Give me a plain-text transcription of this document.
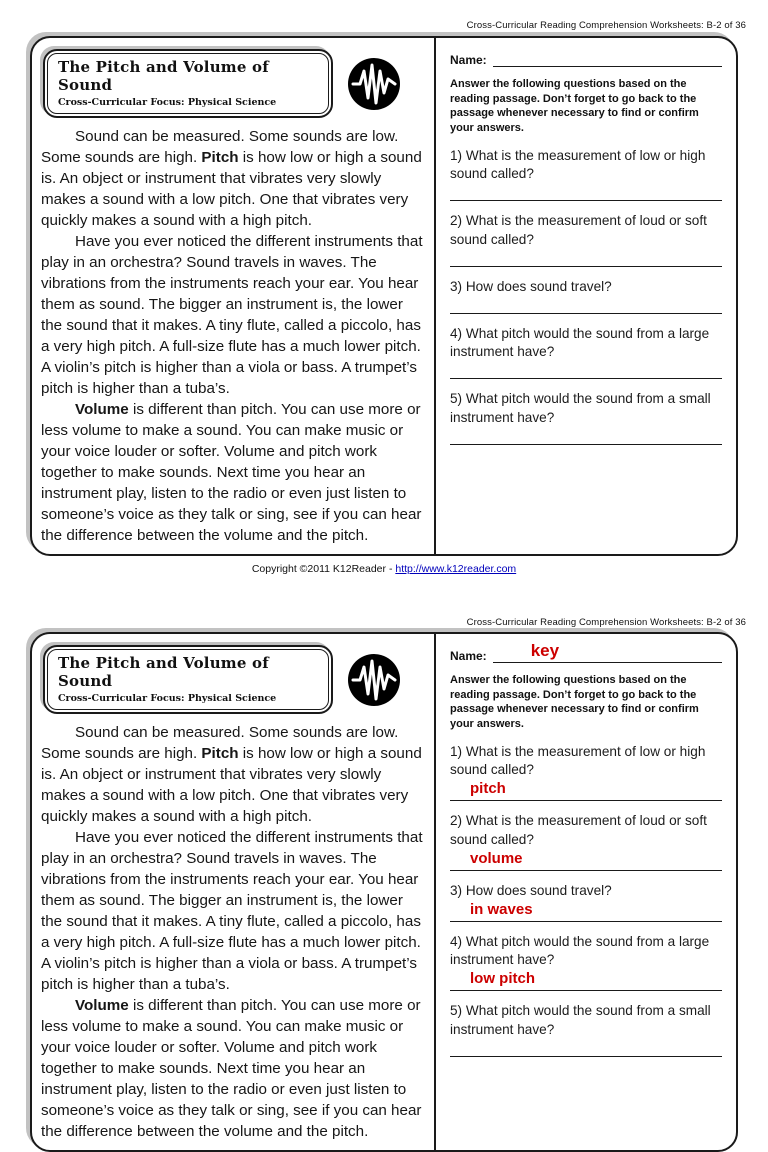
Cross-Curricular Reading Comprehension Worksheets: B-2 of 36
The Pitch and Volume of Sound
Cross-Curricular Focus: Physical Science

Sound can be measured. Some sounds are low. Some sounds are high. Pitch is how low or high a sound is. An object or instrument that vibrates very slowly makes a sound with a low pitch. One that vibrates very quickly makes a sound with a high pitch.

Have you ever noticed the different instruments that play in an orchestra? Sound travels in waves. The vibrations from the instruments reach your ear. You hear them as sound. The bigger an instrument is, the lower the sound that it makes. A tiny flute, called a piccolo, has a very high pitch. A full-size flute has a much lower pitch. A violin’s pitch is higher than a viola or bass. A trumpet’s pitch is higher than a tuba’s.

Volume is different than pitch. You can use more or less volume to make a sound. You can make music or your voice louder or softer. Volume and pitch work together to make sounds. Next time you hear an instrument play, listen to the radio or even just listen to someone’s voice as they talk or sing, see if you can hear the difference between the volume and the pitch.

Name:
Answer the following questions based on the reading passage. Don’t forget to go back to the passage whenever necessary to find or confirm your answers.
1) What is the measurement of low or high sound called?
2) What is the measurement of loud or soft sound called?
3) How does sound travel?
4) What pitch would the sound from a large instrument have?
5) What pitch would the sound from a small instrument have?
Copyright ©2011 K12Reader - http://www.k12reader.com
Cross-Curricular Reading Comprehension Worksheets: B-2 of 36
The Pitch and Volume of Sound
Cross-Curricular Focus: Physical Science

Sound can be measured. Some sounds are low. Some sounds are high. Pitch is how low or high a sound is. An object or instrument that vibrates very slowly makes a sound with a low pitch. One that vibrates very quickly makes a sound with a high pitch.

Have you ever noticed the different instruments that play in an orchestra? Sound travels in waves. The vibrations from the instruments reach your ear. You hear them as sound. The bigger an instrument is, the lower the sound that it makes. A tiny flute, called a piccolo, has a very high pitch. A full-size flute has a much lower pitch. A violin’s pitch is higher than a viola or bass. A trumpet’s pitch is higher than a tuba’s.

Volume is different than pitch. You can use more or less volume to make a sound. You can make music or your voice louder or softer. Volume and pitch work together to make sounds. Next time you hear an instrument play, listen to the radio or even just listen to someone’s voice as they talk or sing, see if you can hear the difference between the volume and the pitch.

Name:	key
Answer the following questions based on the reading passage. Don’t forget to go back to the passage whenever necessary to find or confirm your answers.
1) What is the measurement of low or high sound called?
pitch
2) What is the measurement of loud or soft sound called?
volume
3) How does sound travel?
in waves
4) What pitch would the sound from a large instrument have?
low pitch
5) What pitch would the sound from a small instrument have?
